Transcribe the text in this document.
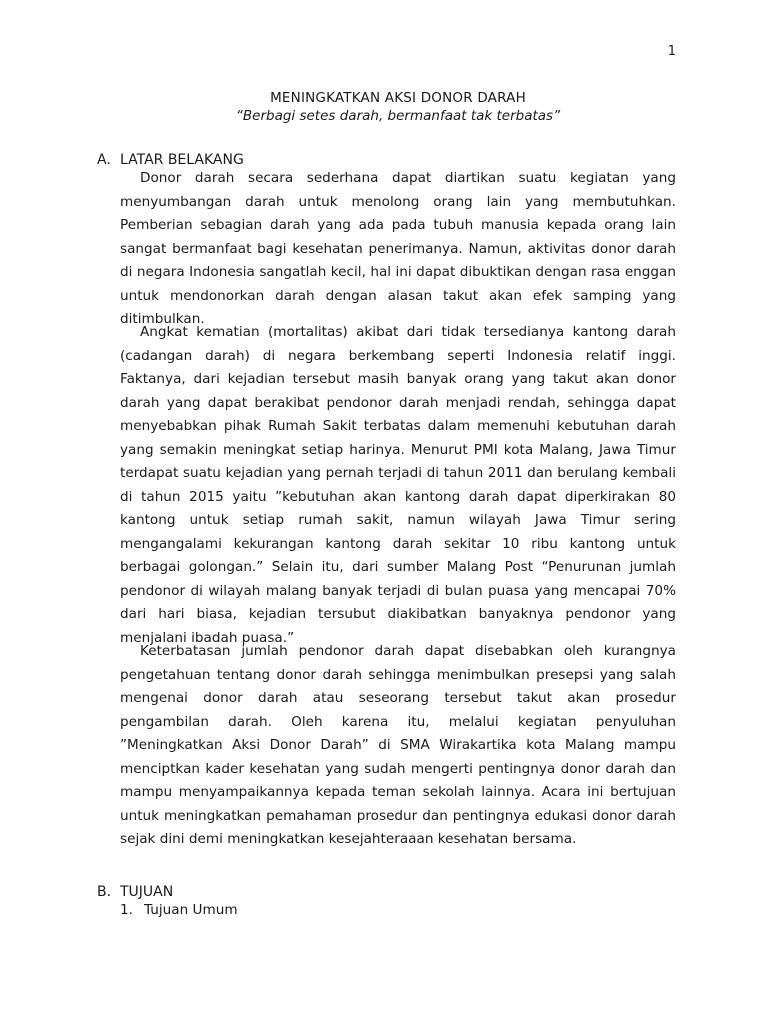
1
MENINGKATKAN AKSI DONOR DARAH
“Berbagi setes darah, bermanfaat tak terbatas”
A. LATAR BELAKANG

Donor darah secara sederhana dapat diartikan suatu kegiatan yang menyumbangan darah untuk menolong orang lain yang membutuhkan. Pemberian sebagian darah yang ada pada tubuh manusia kepada orang lain sangat bermanfaat bagi kesehatan penerimanya. Namun, aktivitas donor darah di negara Indonesia sangatlah kecil, hal ini dapat dibuktikan dengan rasa enggan untuk mendonorkan darah dengan alasan takut akan efek samping yang ditimbulkan.

Angkat kematian (mortalitas) akibat dari tidak tersedianya kantong darah (cadangan darah) di negara berkembang seperti Indonesia relatif inggi. Faktanya, dari kejadian tersebut masih banyak orang yang takut akan donor darah yang dapat berakibat pendonor darah menjadi rendah, sehingga dapat menyebabkan pihak Rumah Sakit terbatas dalam memenuhi kebutuhan darah yang semakin meningkat setiap harinya. Menurut PMI kota Malang, Jawa Timur terdapat suatu kejadian yang pernah terjadi di tahun 2011 dan berulang kembali di tahun 2015 yaitu ”kebutuhan akan kantong darah dapat diperkirakan 80 kantong untuk setiap rumah sakit, namun wilayah Jawa Timur sering mengangalami kekurangan kantong darah sekitar 10 ribu kantong untuk berbagai golongan.” Selain itu, dari sumber Malang Post “Penurunan jumlah pendonor di wilayah malang banyak terjadi di bulan puasa yang mencapai 70% dari hari biasa, kejadian tersubut diakibatkan banyaknya pendonor yang menjalani ibadah puasa.”

Keterbatasan jumlah pendonor darah dapat disebabkan oleh kurangnya pengetahuan tentang donor darah sehingga menimbulkan presepsi yang salah mengenai donor darah atau seseorang tersebut takut akan prosedur pengambilan darah. Oleh karena itu, melalui kegiatan penyuluhan ”Meningkatkan Aksi Donor Darah” di SMA Wirakartika kota Malang mampu menciptkan kader kesehatan yang sudah mengerti pentingnya donor darah dan mampu menyampaikannya kepada teman sekolah lainnya. Acara ini bertujuan untuk meningkatkan pemahaman prosedur dan pentingnya edukasi donor darah sejak dini demi meningkatkan kesejahteraaan kesehatan bersama.

B. TUJUAN
1. Tujuan Umum
